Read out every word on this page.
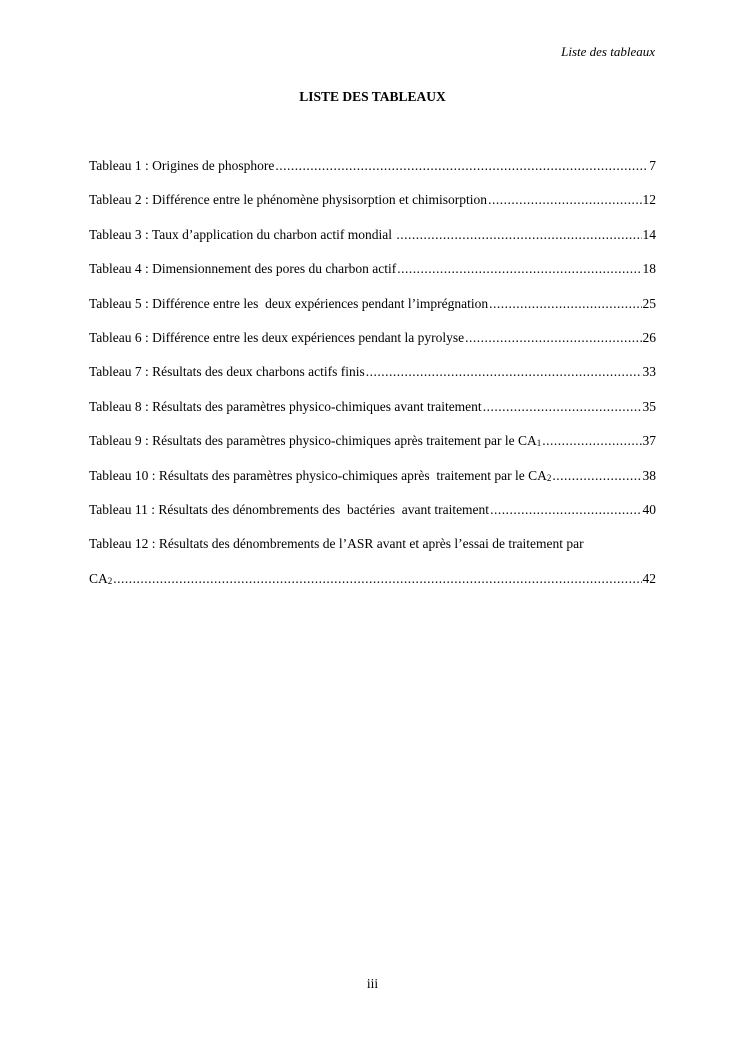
Liste des tableaux
LISTE DES TABLEAUX
Tableau 1 : Origines de phosphore .....	7
Tableau 2 : Différence entre le phénomène physisorption et chimisorption .....	12
Tableau 3 : Taux d’application du charbon actif mondial .....	14
Tableau 4 : Dimensionnement des pores du charbon actif .....	18
Tableau 5 : Différence entre les  deux expériences pendant l’imprégnation .....	25
Tableau 6 : Différence entre les deux expériences pendant la pyrolyse .....	26
Tableau 7 : Résultats des deux charbons actifs finis .....	33
Tableau 8 : Résultats des paramètres physico-chimiques avant traitement .....	35
Tableau 9 : Résultats des paramètres physico-chimiques après traitement par le $CA_1$ .....	37
Tableau 10 : Résultats des paramètres physico-chimiques après  traitement par le $CA_2$ .....	38
Tableau 11 : Résultats des dénombrements des  bactéries  avant traitement .....	40
Tableau 12 : Résultats des dénombrements de l’ASR avant et après l’essai de traitement par
$CA_2$ .....	42
iii
